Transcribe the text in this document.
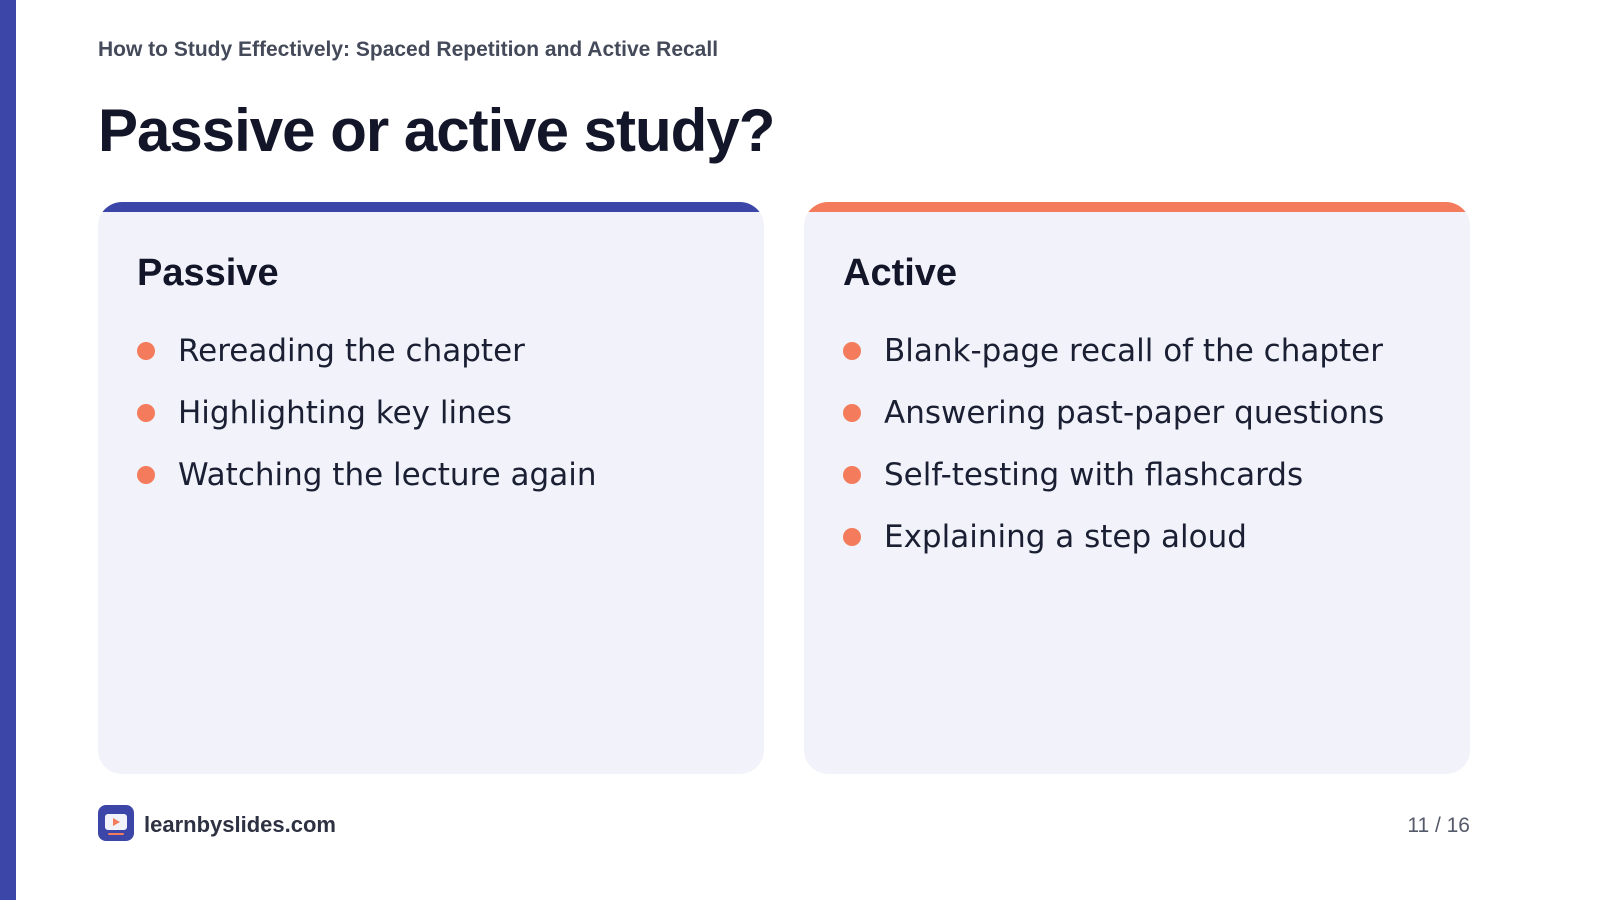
How to Study Effectively: Spaced Repetition and Active Recall
Passive or active study?
Passive
Rereading the chapter
Highlighting key lines
Watching the lecture again
Active
Blank-page recall of the chapter
Answering past-paper questions
Self-testing with flashcards
Explaining a step aloud
learnbyslides.com	11 / 16
